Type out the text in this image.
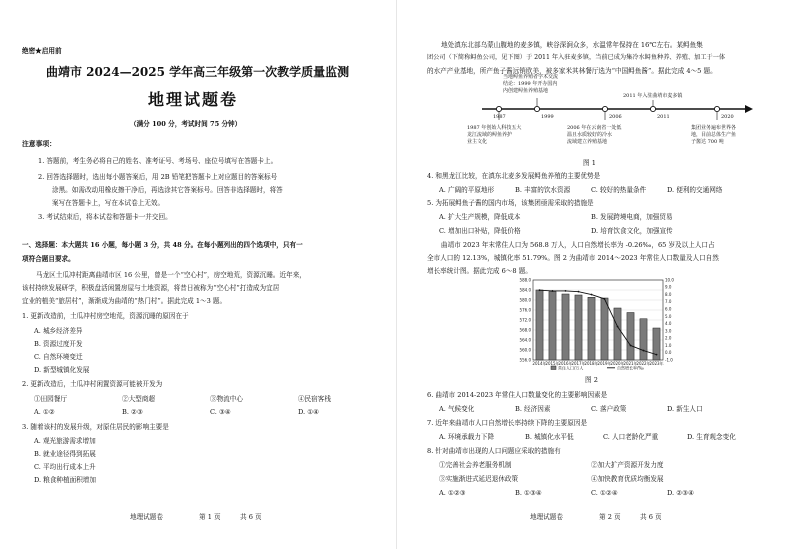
绝密★启用前
曲靖市 2024—2025 学年高三年级第一次教学质量监测
地理试题卷
（满分 100 分，考试时间 75 分钟）
注意事项：
1. 答题前，考生务必将自己的姓名、准考证号、考场号、座位号填写在答题卡上。
2. 回答选择题时，选出每小题答案后，用 2B 铅笔把答题卡上对应题目的答案标号
涂黑。如需改动用橡皮擦干净后，再选涂其它答案标号。回答非选择题时，将答
案写在答题卡上，写在本试卷上无效。
3. 考试结束后，将本试卷和答题卡一并交回。
一、选择题：本大题共 16 小题，每小题 3 分，共 48 分。在每小题列出的四个选项中，只有一
项符合题目要求。
马龙区土瓜冲村距离曲靖市区 16 公里，曾是一个“空心村”，房空地荒，资源沉睡。近年来，
该村持续发展研学，积极盘活闲置房屋与土地资源，将昔日被称为“空心村”打造成为宜居
宜业的植美“旅居村”，渐渐成为曲靖的“热门村”。据此完成 1～3 题。
1. 更新改造前，土瓜冲村房空地荒，资源沉睡的原因在于
A. 城乡经济差异
B. 资源过度开发
C. 自然环境变迁
D. 新型城镇化发展
2. 更新改造后，土瓜冲村闲置资源可能被开发为
①田园餐厅	②大型商超	③物流中心	④民宿客栈
A. ①②	B. ②③	C. ③④	D. ①④
3. 随着该村的发展升级，对原住居民的影响主要是
A. 观光旅游需求增加
B. 就业途径得到拓展
C. 平均出行成本上升
D. 粮食种植面积增加
地理试题卷	第 1 页	共 6 页
地处滇东北部乌蒙山腹地的麦多镇，峡谷深涧众多，水温常年保持在 16℃左右。某鲟鱼集
团公司（下简称鲟鱼公司，见下图）于 2011 年入驻麦多镇，当前已成为集冷水鲟鱼种养、养殖、加工于一体
的水产产业基地，所产鱼子酱远销欧美，被多家米其林餐厅选为“中国鲟鱼酱”。据此完成 4～5 题。
1987	1999	2006	2011	2020
当地鲟鱼养殖者学术交流
结论：1999 年开办国内
内创建鲟鱼养殖基地
2011 年入驻曲靖市麦多镇
1987 年创始人科技五大
龙江流域的鲟鱼养护
业主文化
2006 年在云南省一处低
温且水质较好的冷水
流域建立养殖基地
集团业务遍布世界各
地，目前总体生产鱼
子酱达 700 吨
图 1
4. 和黑龙江比较，在滇东北麦多发展鲟鱼养殖的主要优势是
A. 广阔的平原地形	B. 丰富的饮水资源	C. 较好的热量条件	D. 便利的交通网络
5. 为拓展鲟鱼子酱的国内市场，该集团亟需采取的措施是
A. 扩大生产规模，降低成本	B. 发展跨境电商，加强贸易
C. 增加出口补贴，降低价格	D. 培育饮食文化，加强宣传
曲靖市 2023 年末常住人口为 568.8 万人，人口自然增长率为 -0.26‰，65 岁及以上人口占
全市人口的 12.13%，城镇化率 51.79%。图 2 为曲靖市 2014～2023 年常住人口数量及人口自然
增长率统计图。据此完成 6～8 题。
556.0
560.0
564.0
568.0
572.0
576.0
580.0
584.0
588.0
-1.0
0.0
1.0
2.0
3.0
4.0
5.0
6.0
7.0
8.0
9.0
10.0
2014年
2015年
2016年
2017年
2018年
2019年
2020年
2021年
2022年
2023年
常住人口/万人	自然增长率/‰
图 2
6. 曲靖市 2014-2023 年常住人口数量变化的主要影响因素是
A. 气候变化	B. 经济因素	C. 落户政策	D. 新生人口
7. 近年来曲靖市人口自然增长率持续下降的主要原因是
A. 环境承载力下降	B. 城镇化水平低	C. 人口老龄化严重	D. 生育观念变化
8. 针对曲靖市出现的人口问题应采取的措施有
①完善社会养老服务机制	②加大扩产资源开发力度
③实施渐进式延迟退休政策	④加快教育优质均衡发展
A. ①②③	B. ①③④	C. ①②④	D. ②③④
地理试题卷	第 2 页	共 6 页
